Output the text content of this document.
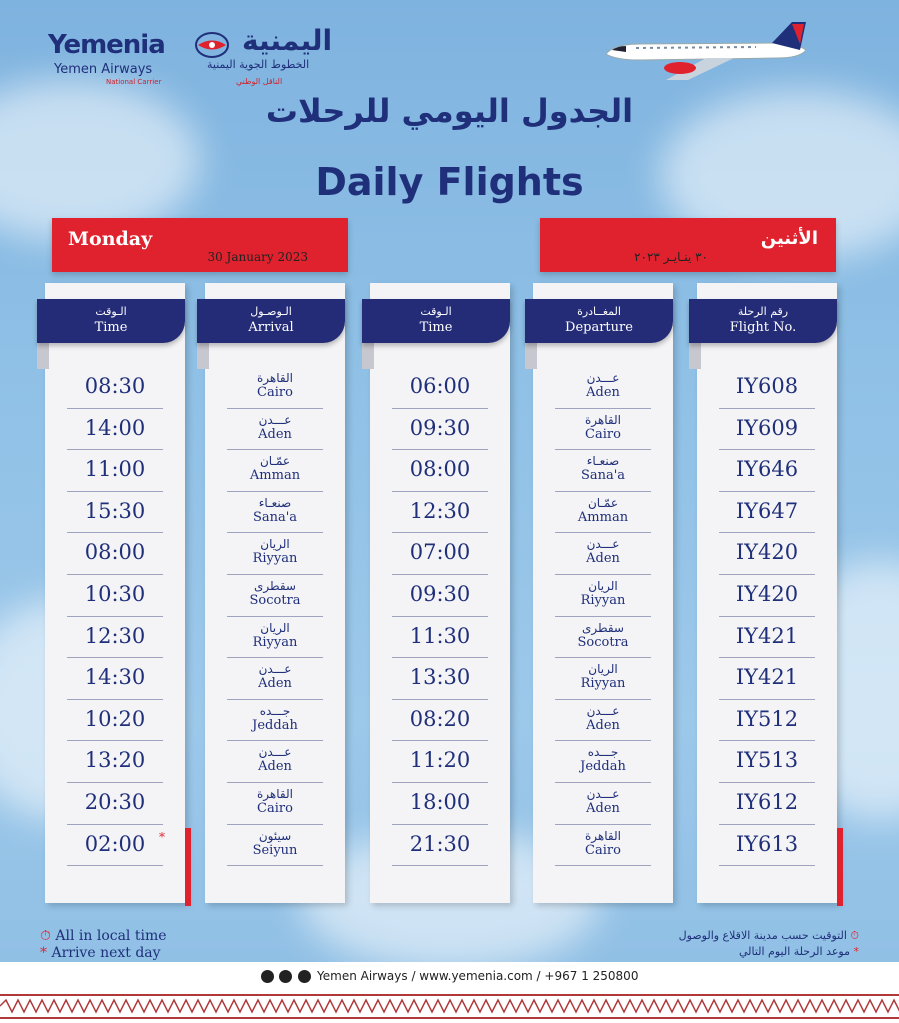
Yemenia	اليمنية
Yemen Airways
National Carrier
الخطوط الجوية اليمنية
الناقل الوطني
الجدول اليومي للرحلات
Daily Flights
Monday
30 January 2023
الأثنين
٣٠ ينـايـر ٢٠٢٣
الـوقت
Time
08:30
14:00
11:00
15:30
08:00
10:30
12:30
14:30
10:20
13:20
20:30
02:00	*
الـوصـول
Arrival
القاهرة
Cairo
عـــدن
Aden
عمّـان
Amman
صنعـاء
Sana'a
الريان
Riyyan
سقطرى
Socotra
الريان
Riyyan
عـــدن
Aden
جـــده
Jeddah
عـــدن
Aden
القاهرة
Cairo
سيئون
Seiyun
الـوقت
Time
06:00
09:30
08:00
12:30
07:00
09:30
11:30
13:30
08:20
11:20
18:00
21:30
المغــادرة
Departure
عـــدن
Aden
القاهرة
Cairo
صنعـاء
Sana'a
عمّـان
Amman
عـــدن
Aden
الريان
Riyyan
سقطرى
Socotra
الريان
Riyyan
عـــدن
Aden
جـــده
Jeddah
عـــدن
Aden
القاهرة
Cairo
رقم الرحلة
Flight No.
IY608
IY609
IY646
IY647
IY420
IY420
IY421
IY421
IY512
IY513
IY612
IY613
⏱ All in local time
* Arrive next day
⏱ التوقيت حسب مدينة الاقلاع والوصول
* موعد الرحلة اليوم التالي
Yemen Airways / www.yemenia.com / +967 1 250800
